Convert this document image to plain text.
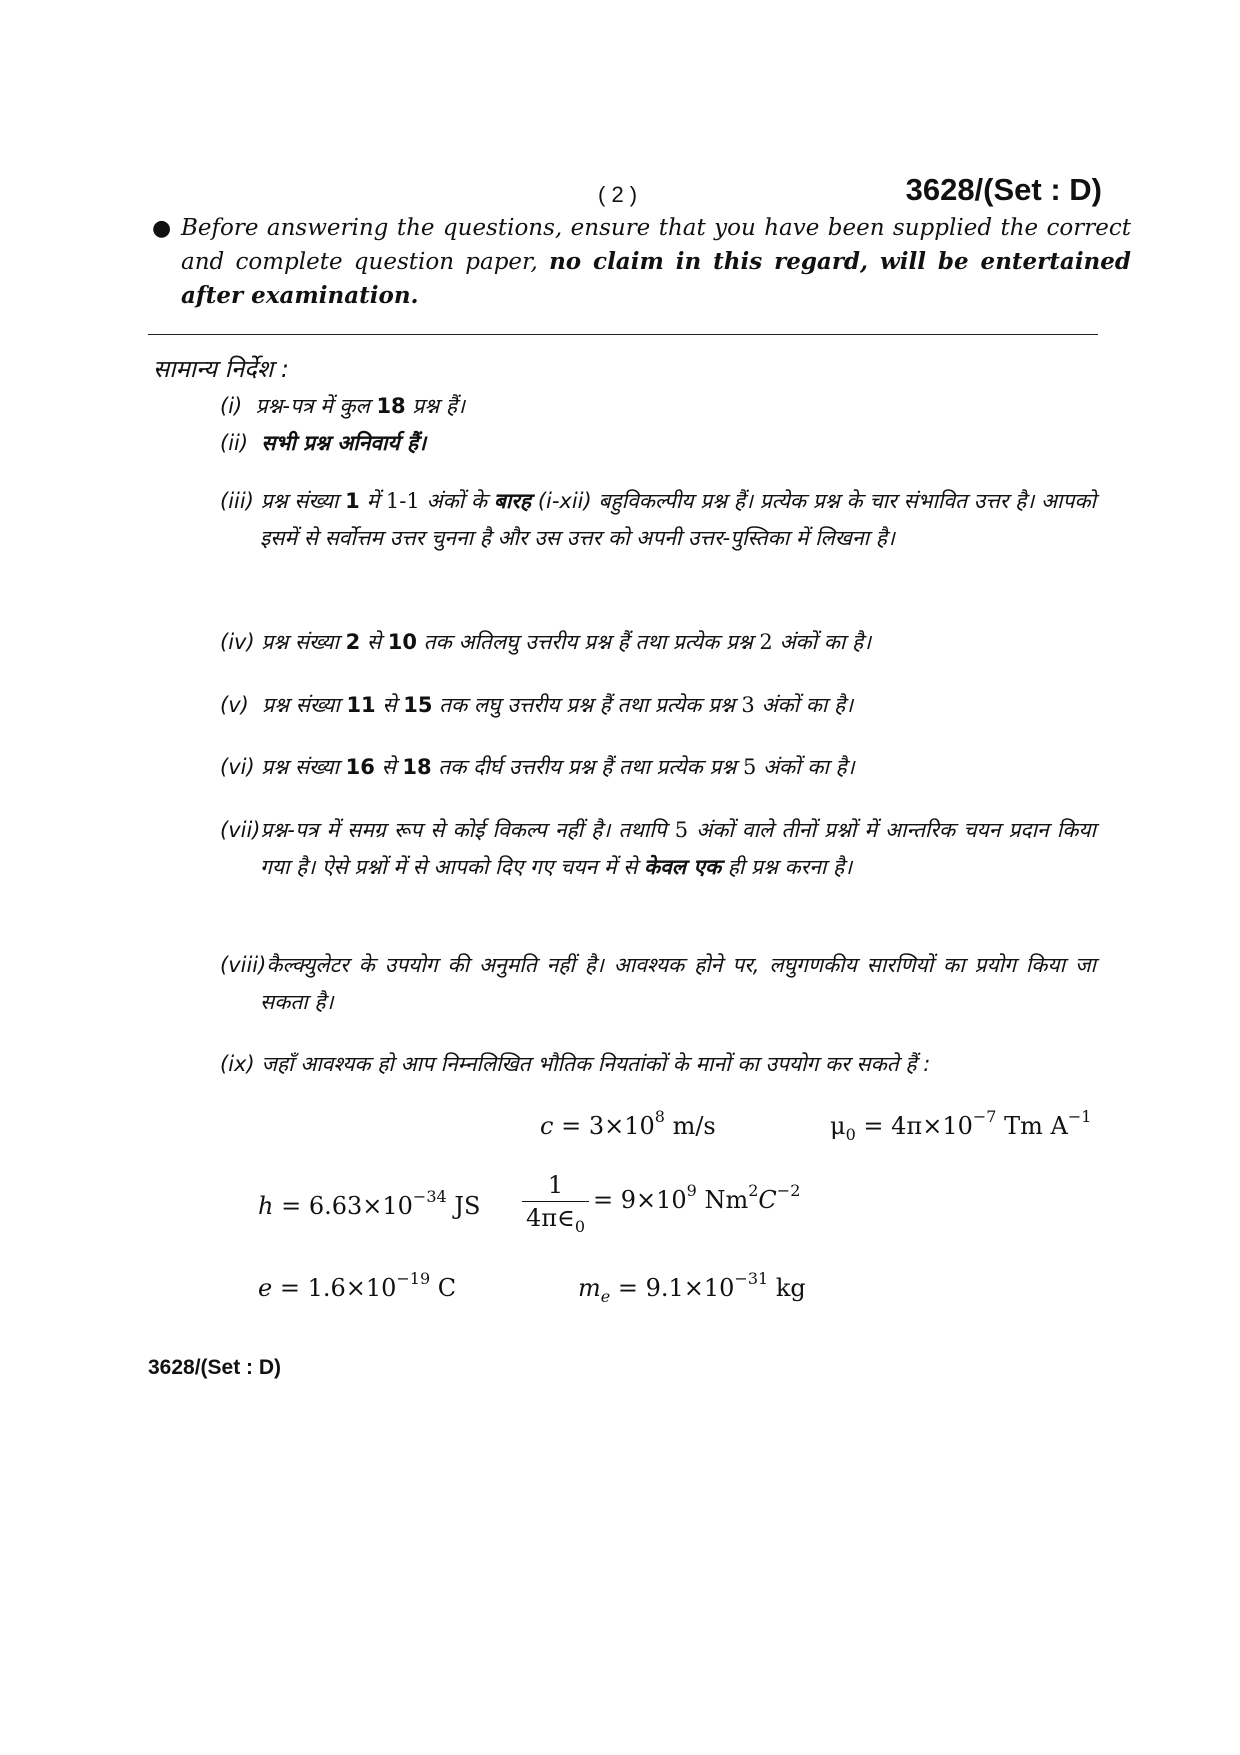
( 2 )	3628/(Set : D)
● Before answering the questions, ensure that you have been supplied the correct and complete question paper, no claim in this regard, will be entertained after examination.
सामान्य निर्देश :
(i) प्रश्न-पत्र में कुल 18 प्रश्न हैं।
(ii) सभी प्रश्न अनिवार्य हैं।
(iii) प्रश्न संख्या 1 में 1-1 अंकों के बारह (i-xii) बहुविकल्पीय प्रश्न हैं। प्रत्येक प्रश्न के चार संभावित उत्तर है। आपको इसमें से सर्वोत्तम उत्तर चुनना है और उस उत्तर को अपनी उत्तर-पुस्तिका में लिखना है।
(iv) प्रश्न संख्या 2 से 10 तक अतिलघु उत्तरीय प्रश्न हैं तथा प्रत्येक प्रश्न 2 अंकों का है।
(v) प्रश्न संख्या 11 से 15 तक लघु उत्तरीय प्रश्न हैं तथा प्रत्येक प्रश्न 3 अंकों का है।
(vi) प्रश्न संख्या 16 से 18 तक दीर्घ उत्तरीय प्रश्न हैं तथा प्रत्येक प्रश्न 5 अंकों का है।
(vii)प्रश्न-पत्र में समग्र रूप से कोई विकल्प नहीं है। तथापि 5 अंकों वाले तीनों प्रश्नों में आन्तरिक चयन प्रदान किया गया है। ऐसे प्रश्नों में से आपको दिए गए चयन में से केवल एक ही प्रश्न करना है।
(viii)कैल्क्युलेटर के उपयोग की अनुमति नहीं है। आवश्यक होने पर, लघुगणकीय सारणियों का प्रयोग किया जा सकता है।
(ix) जहाँ आवश्यक हो आप निम्नलिखित भौतिक नियतांकों के मानों का उपयोग कर सकते हैं :
$c = 3\times 10^8$ m/s	$\mu_0 = 4\pi\times 10^{-7}$ Tm $A^{-1}$
$h = 6.63\times 10^{-34}$ JS $\frac{1}{4\pi\in_0} = 9\times 10^9$ $Nm^2C^{-2}$
$e = 1.6\times 10^{-19}$ C	$m_e = 9.1\times 10^{-31}$ kg
3628/(Set : D)
